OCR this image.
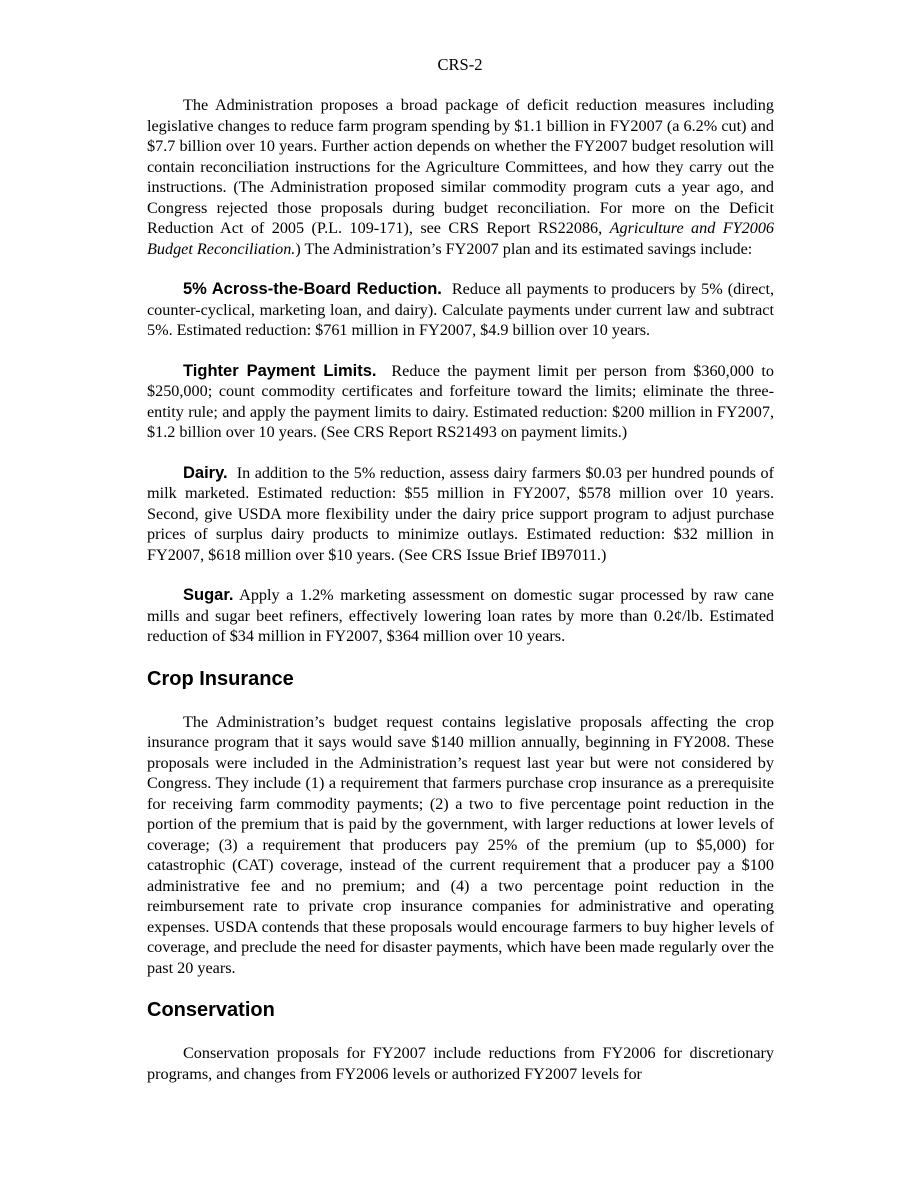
CRS-2

The Administration proposes a broad package of deficit reduction measures including legislative changes to reduce farm program spending by $1.1 billion in FY2007 (a 6.2% cut) and $7.7 billion over 10 years. Further action depends on whether the FY2007 budget resolution will contain reconciliation instructions for the Agriculture Committees, and how they carry out the instructions. (The Administration proposed similar commodity program cuts a year ago, and Congress rejected those proposals during budget reconciliation. For more on the Deficit Reduction Act of 2005 (P.L. 109-171), see CRS Report RS22086, Agriculture and FY2006 Budget Reconciliation.) The Administration’s FY2007 plan and its estimated savings include:

5% Across-the-Board Reduction. Reduce all payments to producers by 5% (direct, counter-cyclical, marketing loan, and dairy). Calculate payments under current law and subtract 5%. Estimated reduction: $761 million in FY2007, $4.9 billion over 10 years.

Tighter Payment Limits. Reduce the payment limit per person from $360,000 to $250,000; count commodity certificates and forfeiture toward the limits; eliminate the three-entity rule; and apply the payment limits to dairy. Estimated reduction: $200 million in FY2007, $1.2 billion over 10 years. (See CRS Report RS21493 on payment limits.)

Dairy. In addition to the 5% reduction, assess dairy farmers $0.03 per hundred pounds of milk marketed. Estimated reduction: $55 million in FY2007, $578 million over 10 years. Second, give USDA more flexibility under the dairy price support program to adjust purchase prices of surplus dairy products to minimize outlays. Estimated reduction: $32 million in FY2007, $618 million over $10 years. (See CRS Issue Brief IB97011.)

Sugar. Apply a 1.2% marketing assessment on domestic sugar processed by raw cane mills and sugar beet refiners, effectively lowering loan rates by more than 0.2¢/lb. Estimated reduction of $34 million in FY2007, $364 million over 10 years.

Crop Insurance

The Administration’s budget request contains legislative proposals affecting the crop insurance program that it says would save $140 million annually, beginning in FY2008. These proposals were included in the Administration’s request last year but were not considered by Congress. They include (1) a requirement that farmers purchase crop insurance as a prerequisite for receiving farm commodity payments; (2) a two to five percentage point reduction in the portion of the premium that is paid by the government, with larger reductions at lower levels of coverage; (3) a requirement that producers pay 25% of the premium (up to $5,000) for catastrophic (CAT) coverage, instead of the current requirement that a producer pay a $100 administrative fee and no premium; and (4) a two percentage point reduction in the reimbursement rate to private crop insurance companies for administrative and operating expenses. USDA contends that these proposals would encourage farmers to buy higher levels of coverage, and preclude the need for disaster payments, which have been made regularly over the past 20 years.

Conservation

Conservation proposals for FY2007 include reductions from FY2006 for discretionary programs, and changes from FY2006 levels or authorized FY2007 levels for
